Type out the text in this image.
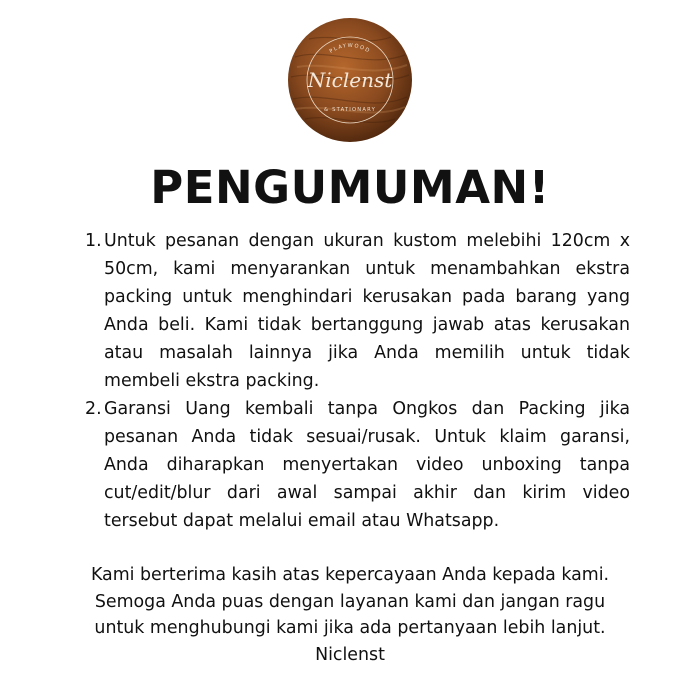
PLAYWOOD
Niclenst
& STATIONARY
PENGUMUMAN!
1. Untuk pesanan dengan ukuran kustom melebihi 120cm x 50cm, kami menyarankan untuk menambahkan ekstra packing untuk menghindari kerusakan pada barang yang Anda beli. Kami tidak bertanggung jawab atas kerusakan atau masalah lainnya jika Anda memilih untuk tidak membeli ekstra packing.
2. Garansi Uang kembali tanpa Ongkos dan Packing jika pesanan Anda tidak sesuai/rusak. Untuk klaim garansi, Anda diharapkan menyertakan video unboxing tanpa cut/edit/blur dari awal sampai akhir dan kirim video tersebut dapat melalui email atau Whatsapp.
Kami berterima kasih atas kepercayaan Anda kepada kami.
Semoga Anda puas dengan layanan kami dan jangan ragu
untuk menghubungi kami jika ada pertanyaan lebih lanjut.
Niclenst
